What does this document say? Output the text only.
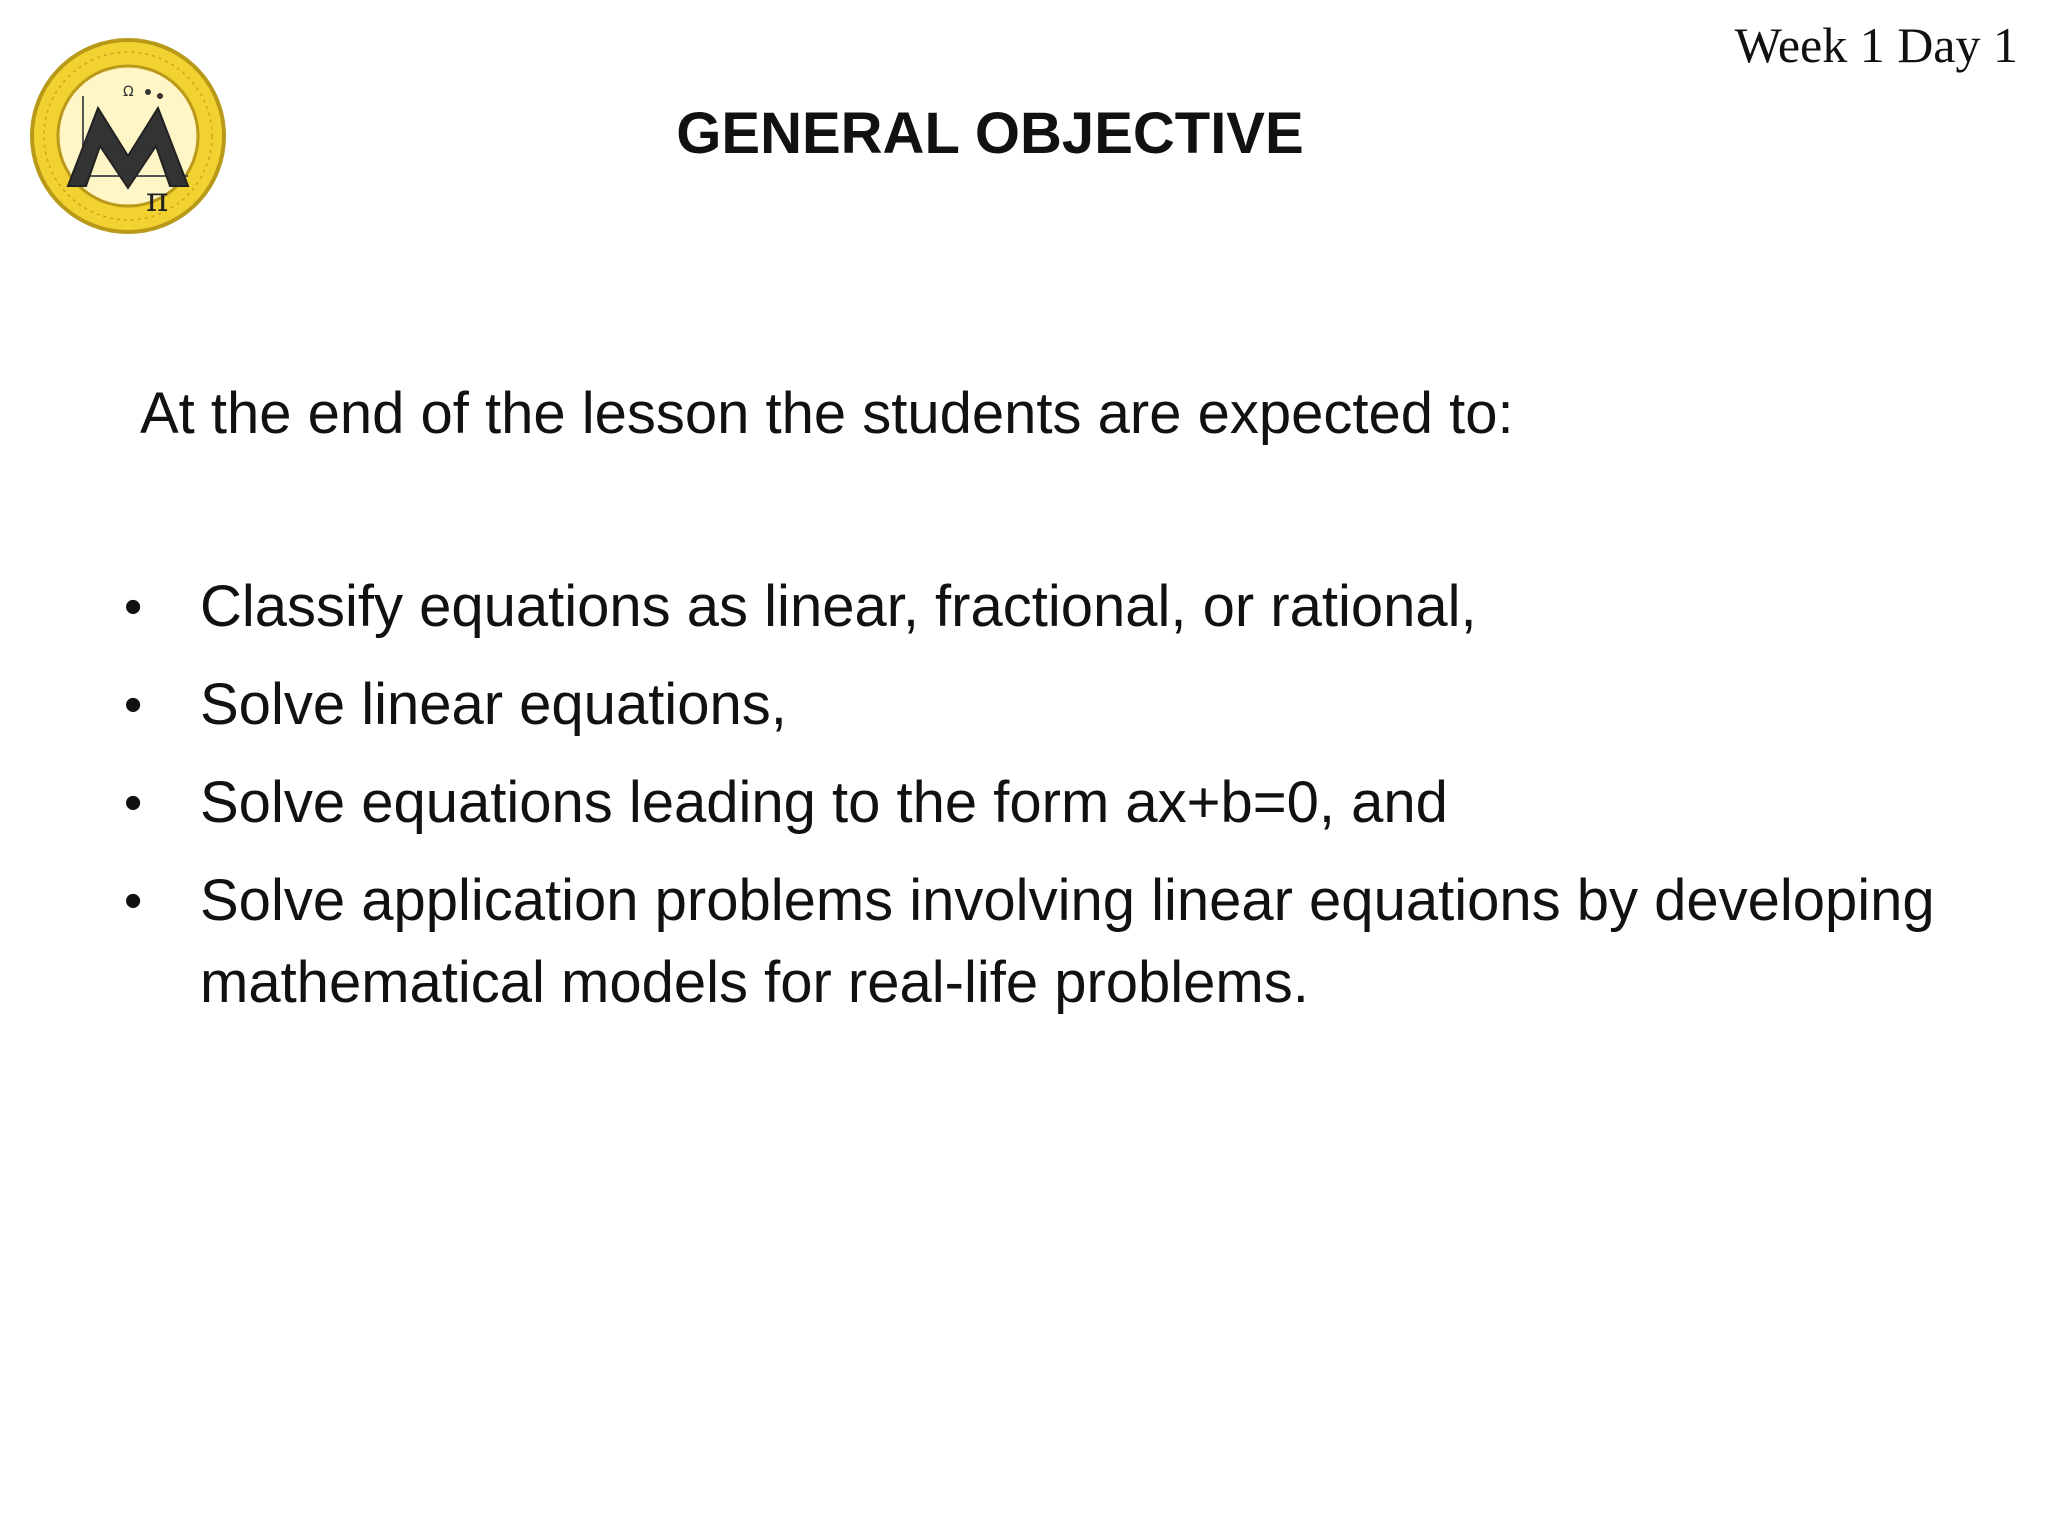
π
Ω
Week 1 Day 1
GENERAL OBJECTIVE
At the end of the lesson the students are expected to:
• Classify equations as linear, fractional, or rational,
• Solve linear equations,
• Solve equations leading to the form ax+b=0, and
• Solve application problems involving linear equations by developing mathematical models for real-life problems.
